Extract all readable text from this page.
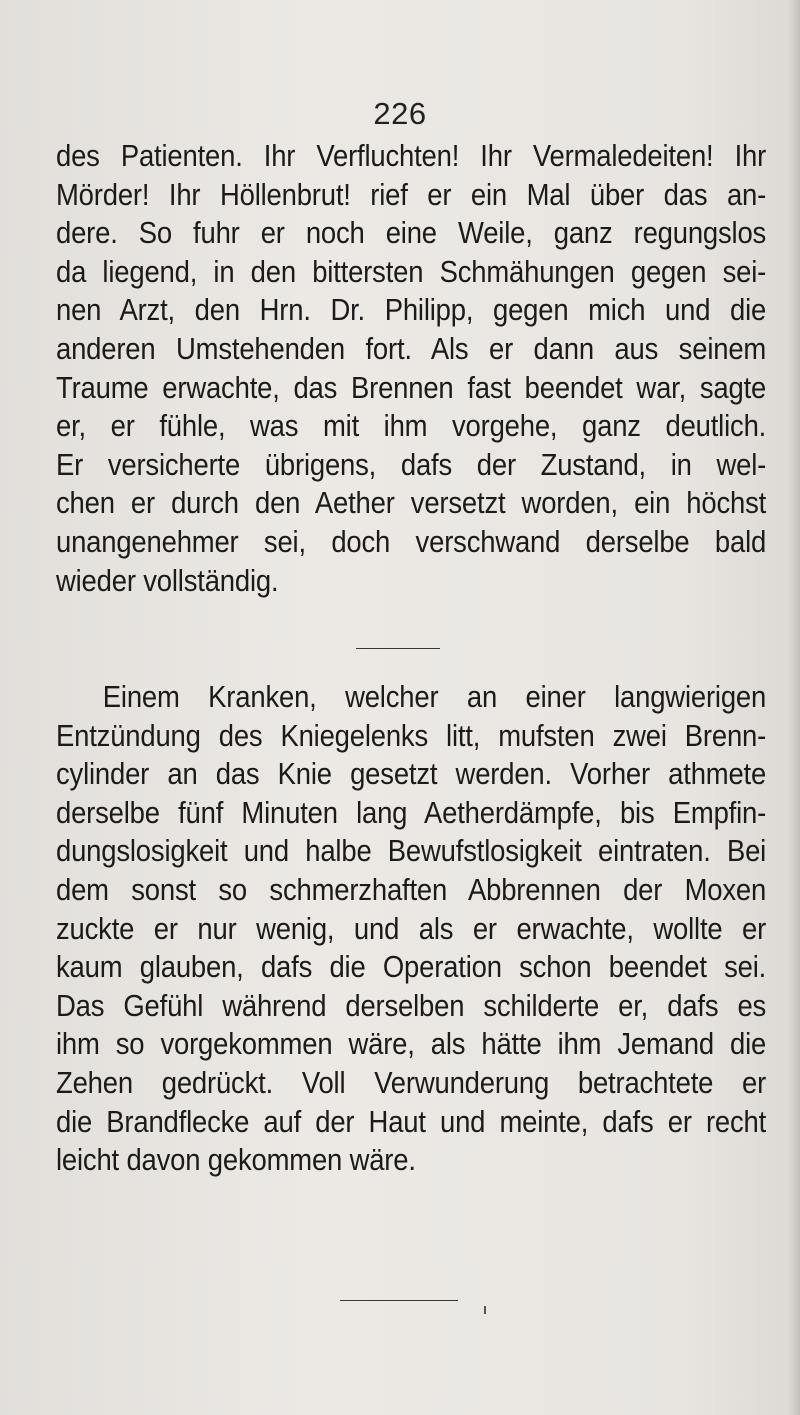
226
des Patienten. Ihr Verfluchten! Ihr Vermaledeiten! Ihr
Mörder! Ihr Höllenbrut! rief er ein Mal über das an-
dere. So fuhr er noch eine Weile, ganz regungslos
da liegend, in den bittersten Schmähungen gegen sei-
nen Arzt, den Hrn. Dr. Philipp, gegen mich und die
anderen Umstehenden fort. Als er dann aus seinem
Traume erwachte, das Brennen fast beendet war, sagte
er, er fühle, was mit ihm vorgehe, ganz deutlich.
Er versicherte übrigens, dafs der Zustand, in wel-
chen er durch den Aether versetzt worden, ein höchst
unangenehmer sei, doch verschwand derselbe bald
wieder vollständig.
Einem Kranken, welcher an einer langwierigen
Entzündung des Kniegelenks litt, mufsten zwei Brenn-
cylinder an das Knie gesetzt werden. Vorher athmete
derselbe fünf Minuten lang Aetherdämpfe, bis Empfin-
dungslosigkeit und halbe Bewufstlosigkeit eintraten. Bei
dem sonst so schmerzhaften Abbrennen der Moxen
zuckte er nur wenig, und als er erwachte, wollte er
kaum glauben, dafs die Operation schon beendet sei.
Das Gefühl während derselben schilderte er, dafs es
ihm so vorgekommen wäre, als hätte ihm Jemand die
Zehen gedrückt. Voll Verwunderung betrachtete er
die Brandflecke auf der Haut und meinte, dafs er recht
leicht davon gekommen wäre.
